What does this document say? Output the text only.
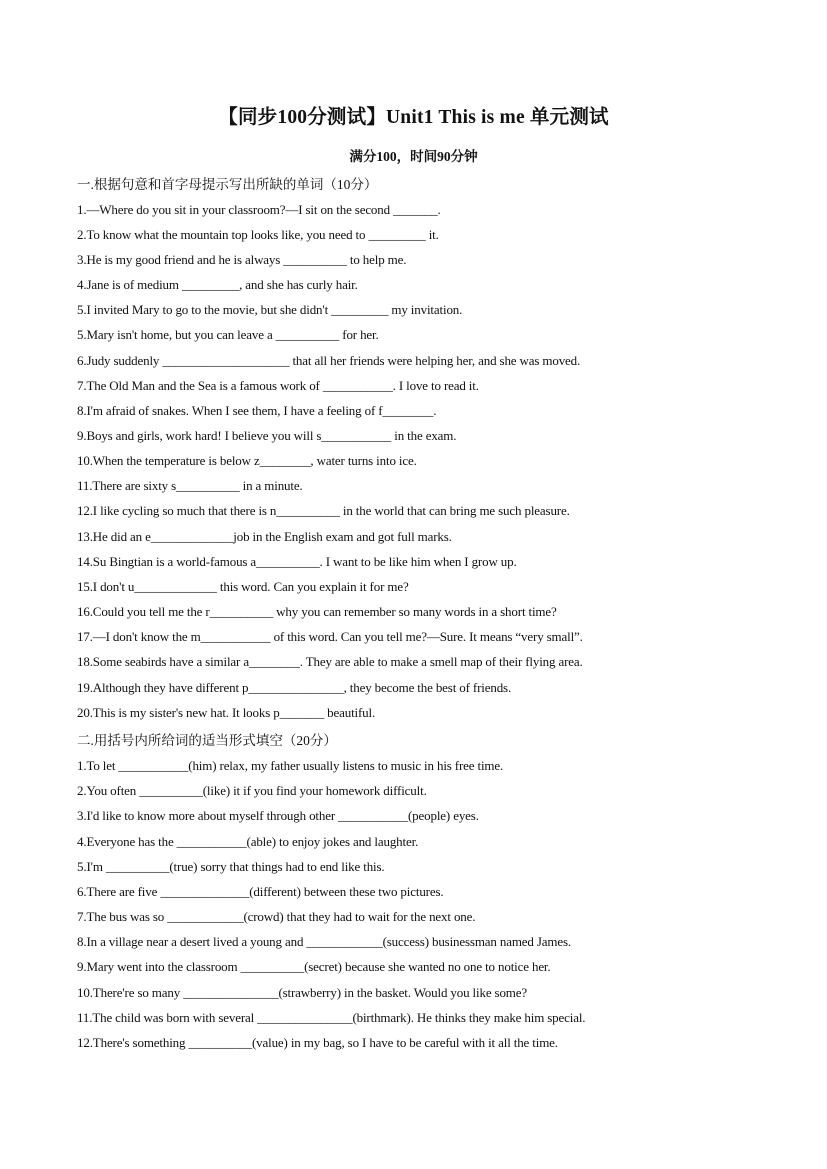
【同步100分测试】Unit1 This is me 单元测试
满分100，时间90分钟
一.根据句意和首字母提示写出所缺的单词（10分）
1.—Where do you sit in your classroom?—I sit on the second _______.
2.To know what the mountain top looks like, you need to _________ it.
3.He is my good friend and he is always __________ to help me.
4.Jane is of medium _________, and she has curly hair.
5.I invited Mary to go to the movie, but she didn't _________ my invitation.
5.Mary isn't home, but you can leave a __________ for her.
6.Judy suddenly ____________________ that all her friends were helping her, and she was moved.
7.The Old Man and the Sea is a famous work of ___________. I love to read it.
8.I'm afraid of snakes. When I see them, I have a feeling of f________.
9.Boys and girls, work hard! I believe you will s___________ in the exam.
10.When the temperature is below z________, water turns into ice.
11.There are sixty s__________ in a minute.
12.I like cycling so much that there is n__________ in the world that can bring me such pleasure.
13.He did an e_____________job in the English exam and got full marks.
14.Su Bingtian is a world-famous a__________. I want to be like him when I grow up.
15.I don't u_____________ this word. Can you explain it for me?
16.Could you tell me the r__________ why you can remember so many words in a short time?
17.—I don't know the m___________ of this word. Can you tell me?—Sure. It means “very small”.
18.Some seabirds have a similar a________. They are able to make a smell map of their flying area.
19.Although they have different p_______________, they become the best of friends.
20.This is my sister's new hat. It looks p_______ beautiful.
二.用括号内所给词的适当形式填空（20分）
1.To let ___________(him) relax, my father usually listens to music in his free time.
2.You often __________(like) it if you find your homework difficult.
3.I'd like to know more about myself through other ___________(people) eyes.
4.Everyone has the ___________(able) to enjoy jokes and laughter.
5.I'm __________(true) sorry that things had to end like this.
6.There are five ______________(different) between these two pictures.
7.The bus was so ____________(crowd) that they had to wait for the next one.
8.In a village near a desert lived a young and ____________(success) businessman named James.
9.Mary went into the classroom __________(secret) because she wanted no one to notice her.
10.There're so many _______________(strawberry) in the basket. Would you like some?
11.The child was born with several _______________(birthmark). He thinks they make him special.
12.There's something __________(value) in my bag, so I have to be careful with it all the time.
